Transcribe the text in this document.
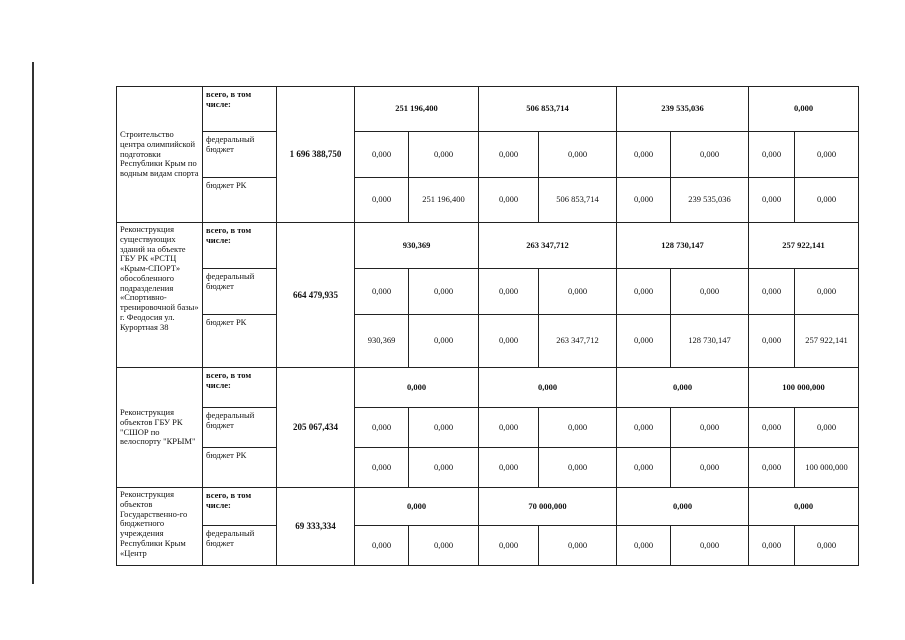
Строительство центра олимпийской подготовки Республики Крым по водным видам спорта	всего, в том числе:	1 696 388,750	251 196,400		506 853,714		239 535,036		0,000	
	федеральный бюджет		0,000	0,000	0,000	0,000	0,000	0,000	0,000	0,000
	бюджет РК		0,000	251 196,400	0,000	506 853,714	0,000	239 535,036	0,000	0,000
Реконструкция существующих зданий на объекте ГБУ РК «РСТЦ «Крым-СПОРТ» обособленного подразделения «Спортивно-тренировочной базы» г. Феодосия ул. Курортная 38	всего, в том числе:	664 479,935	930,369		263 347,712		128 730,147		257 922,141	
	федеральный бюджет		0,000	0,000	0,000	0,000	0,000	0,000	0,000	0,000
	бюджет РК		930,369	0,000	0,000	263 347,712	0,000	128 730,147	0,000	257 922,141
Реконструкция объектов ГБУ РК "СШОР по велоспорту "КРЫМ"	всего, в том числе:	205 067,434	0,000		0,000		0,000		100 000,000	
	федеральный бюджет		0,000	0,000	0,000	0,000	0,000	0,000	0,000	0,000
	бюджет РК		0,000	0,000	0,000	0,000	0,000	0,000	0,000	100 000,000
Реконструкция объектов Государственно-го бюджетного учреждения Республики Крым «Центр	всего, в том числе:	69 333,334	0,000		70 000,000		0,000		0,000	
	федеральный бюджет		0,000	0,000	0,000	0,000	0,000	0,000	0,000	0,000
